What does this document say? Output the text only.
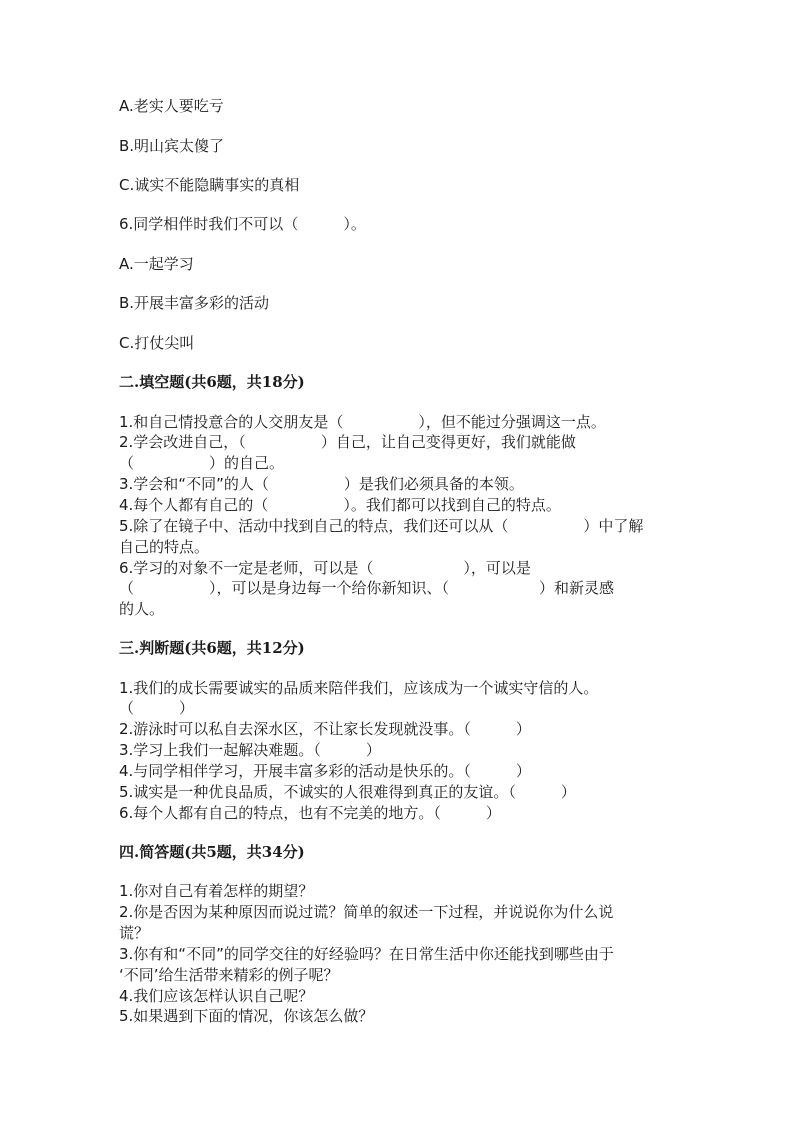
A.老实人要吃亏

B.明山宾太傻了

C.诚实不能隐瞒事实的真相

6.同学相伴时我们不可以（　　　）。

A.一起学习

B.开展丰富多彩的活动

C.打仗尖叫

二.填空题(共6题，共18分)

1.和自己情投意合的人交朋友是（　　　　　），但不能过分强调这一点。

2.学会改进自己，（　　　　　）自己，让自己变得更好，我们就能做

（　　　　　）的自己。

3.学会和“不同”的人（　　　　　）是我们必须具备的本领。

4.每个人都有自己的（　　　　　）。我们都可以找到自己的特点。

5.除了在镜子中、活动中找到自己的特点，我们还可以从（　　　　　）中了解

自己的特点。

6.学习的对象不一定是老师，可以是（　　　　　　），可以是

（　　　　　），可以是身边每一个给你新知识、（　　　　　　）和新灵感

的人。

三.判断题(共6题，共12分)

1.我们的成长需要诚实的品质来陪伴我们，应该成为一个诚实守信的人。

（　　　）

2.游泳时可以私自去深水区，不让家长发现就没事。（　　　）

3.学习上我们一起解决难题。（　　　）

4.与同学相伴学习，开展丰富多彩的活动是快乐的。（　　　）

5.诚实是一种优良品质，不诚实的人很难得到真正的友谊。（　　　）

6.每个人都有自己的特点，也有不完美的地方。（　　　）

四.简答题(共5题，共34分)

1.你对自己有着怎样的期望？

2.你是否因为某种原因而说过谎？简单的叙述一下过程，并说说你为什么说

谎？

3.你有和“不同”的同学交往的好经验吗？在日常生活中你还能找到哪些由于

‘不同’给生活带来精彩的例子呢？

4.我们应该怎样认识自己呢？

5.如果遇到下面的情况，你该怎么做？
